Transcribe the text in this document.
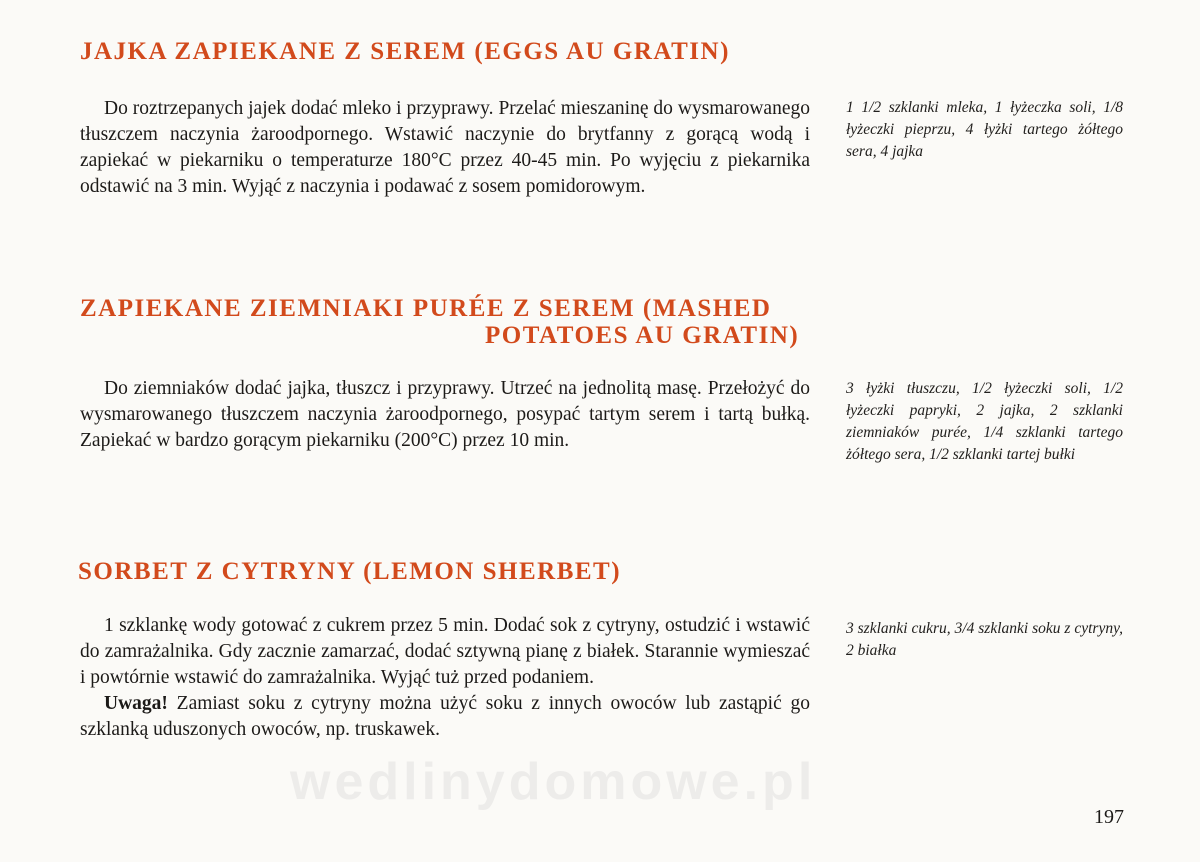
JAJKA ZAPIEKANE Z SEREM (EGGS AU GRATIN)

Do roztrzepanych jajek dodać mleko i przyprawy. Przelać mieszaninę do wysmarowanego tłuszczem naczynia żaroodpornego. Wstawić naczynie do brytfanny z gorącą wodą i zapiekać w piekarniku o temperaturze 180°C przez 40-45 min. Po wyjęciu z piekarnika odstawić na 3 min. Wyjąć z naczynia i podawać z sosem pomidorowym.

1 1/2 szklanki mleka, 1 łyżeczka soli, 1/8 łyżeczki pieprzu, 4 łyżki tartego żółtego sera, 4 jajka
ZAPIEKANE ZIEMNIAKI PURÉE Z SEREM (MASHED
POTATOES AU GRATIN)

Do ziemniaków dodać jajka, tłuszcz i przyprawy. Utrzeć na jednolitą masę. Przełożyć do wysmarowanego tłuszczem naczynia żaroodpornego, posypać tartym serem i tartą bułką. Zapiekać w bardzo gorącym piekarniku (200°C) przez 10 min.

3 łyżki tłuszczu, 1/2 łyżeczki soli, 1/2 łyżeczki papryki, 2 jajka, 2 szklanki ziemniaków purée, 1/4 szklanki tartego żółtego sera, 1/2 szklanki tartej bułki
SORBET Z CYTRYNY (LEMON SHERBET)

1 szklankę wody gotować z cukrem przez 5 min. Dodać sok z cytryny, ostudzić i wstawić do zamrażalnika. Gdy zacznie zamarzać, dodać sztywną pianę z białek. Starannie wymieszać i powtórnie wstawić do zamrażalnika. Wyjąć tuż przed podaniem.

Uwaga! Zamiast soku z cytryny można użyć soku z innych owoców lub zastąpić go szklanką uduszonych owoców, np. truskawek.

3 szklanki cukru, 3/4 szklanki soku z cytryny, 2 białka
wedlinydomowe.pl
197
